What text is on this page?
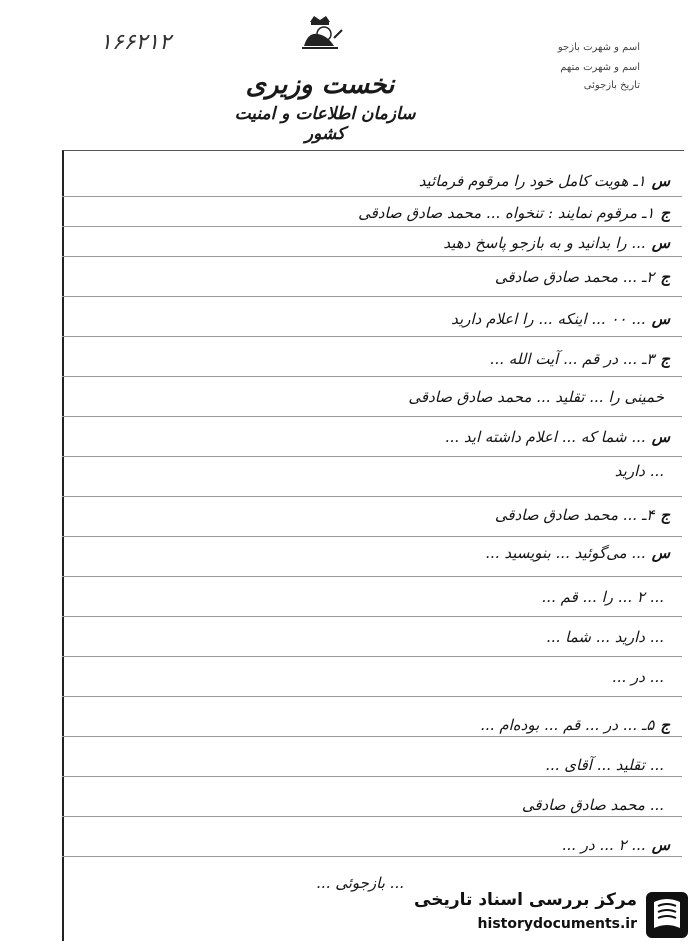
۱۶۶۲۱۲
نخست وزیری
سازمان اطلاعات و امنیت کشور
اسم و شهرت بازجو
اسم و شهرت متهم
تاریخ بازجوئی
س۱ـ هویت کامل خود را مرقوم فرمائید
ج۱ـ مرقوم نمایند : تنخواه ... محمد صادق صادقی
س... را بدانید و به بازجو پاسخ دهید
ج۲ـ ... محمد صادق صادقی
س... ۰۰ ... اینکه ... را اعلام دارید
ج۳ـ ... در قم ... آیت الله ...
خمینی را ... تقلید ... محمد صادق صادقی
س... شما که ... اعلام داشته اید ...
... دارید
ج۴ـ ... محمد صادق صادقی
س... می‌گوئید ... بنویسید ...
... ۲ ... را ... قم ...
... دارید ... شما ...
... در ...
ج۵ـ ... در ... قم ... بوده‌ام ...
... تقلید ... آقای ...
... محمد صادق صادقی
س... ۲ ... در ...
... بازجوئی ...
مرکز بررسی اسناد تاریخی
historydocuments.ir
